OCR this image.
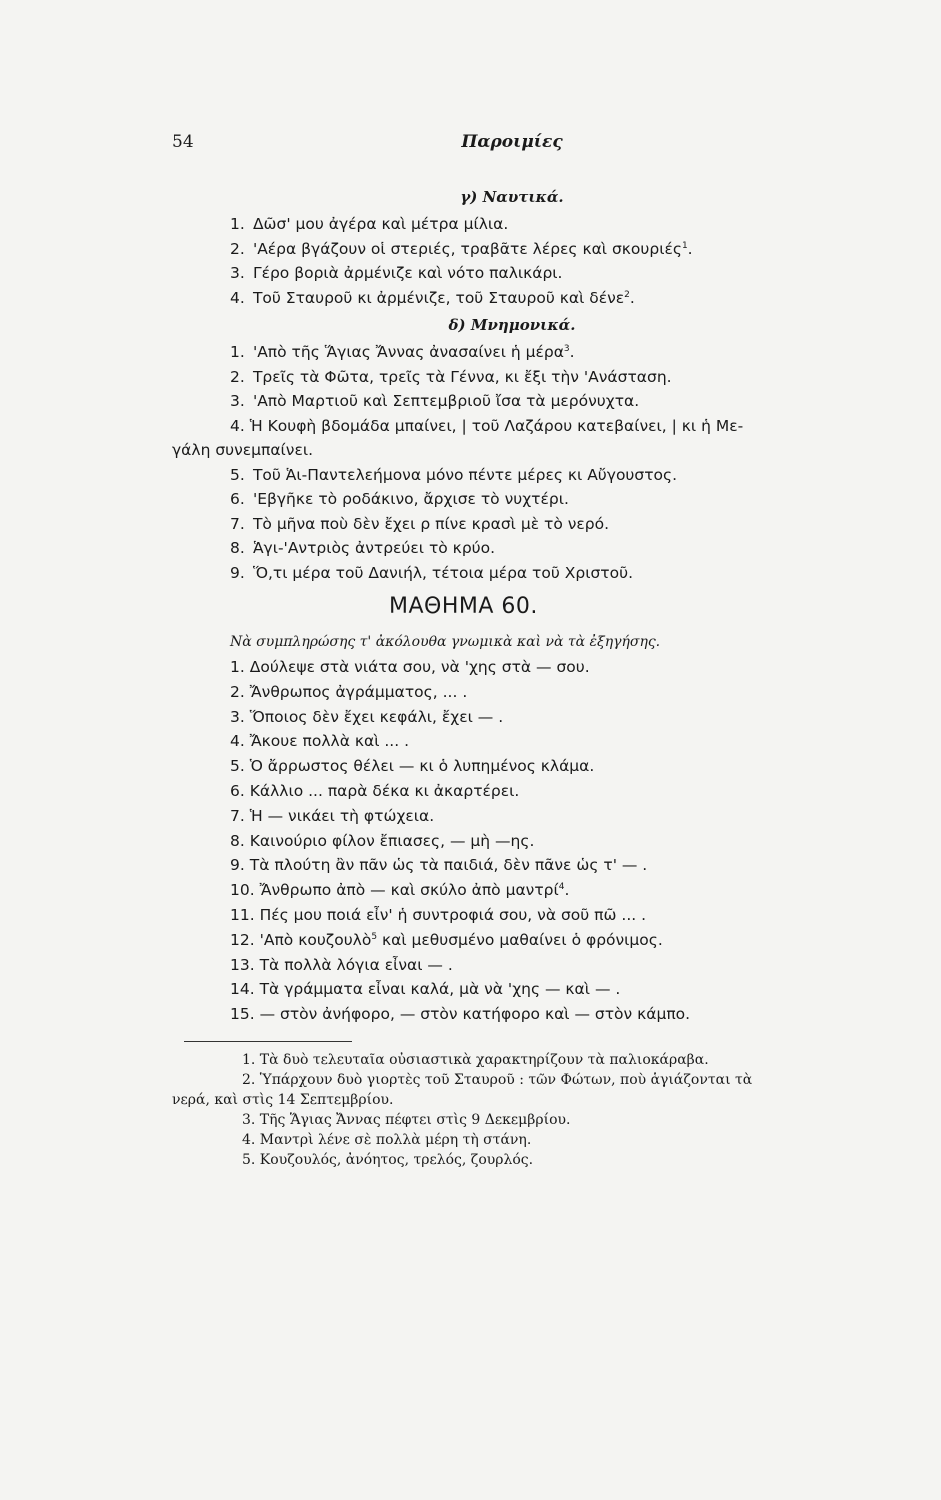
54	Παροιμίες
γ) Ναυτικά.
1. Δῶσ' μου ἀγέρα καὶ μέτρα μίλια.
2. 'Αέρα βγάζουν οἱ στεριές, τραβᾶτε λέρες καὶ σκουριές$^1$.
3. Γέρο βοριὰ ἀρμένιζε καὶ νότο παλικάρι.
4. Τοῦ Σταυροῦ κι ἀρμένιζε, τοῦ Σταυροῦ καὶ δένε$^2$.
δ) Μνημονικά.
1. 'Απὸ τῆς Ἅγιας Ἄννας ἀνασαίνει ἡ μέρα$^3$.
2. Τρεῖς τὰ Φῶτα, τρεῖς τὰ Γέννα, κι ἔξι τὴν 'Ανάσταση.
3. 'Απὸ Μαρτιοῦ καὶ Σεπτεμβριοῦ ἴσα τὰ μερόνυχτα.
4. Ἡ Κουφὴ βδομάδα μπαίνει, | τοῦ Λαζάρου κατεβαίνει, | κι ἡ Με-
γάλη συνεμπαίνει.
5. Τοῦ Ἁι-Παντελεήμονα μόνο πέντε μέρες κι Αὔγουστος.
6. 'Εβγῆκε τὸ ροδάκινο, ἄρχισε τὸ νυχτέρι.
7. Τὸ μῆνα ποὺ δὲν ἔχει ρ πίνε κρασὶ μὲ τὸ νερό.
8. Ἁγι-'Αντριὸς ἀντρεύει τὸ κρύο.
9. Ὅ,τι μέρα τοῦ Δανιήλ, τέτοια μέρα τοῦ Χριστοῦ.
ΜΑΘΗΜΑ 60.
Νὰ συμπληρώσης τ' ἀκόλουθα γνωμικὰ καὶ νὰ τὰ ἐξηγήσης.
1. Δούλεψε στὰ νιάτα σου, νὰ 'χης στὰ — σου.
2. Ἄνθρωπος ἀγράμματος, ... .
3. Ὅποιος δὲν ἔχει κεφάλι, ἔχει — .
4. Ἄκουε πολλὰ καὶ ... .
5. Ὁ ἄρρωστος θέλει — κι ὁ λυπημένος κλάμα.
6. Κάλλιο ... παρὰ δέκα κι ἀκαρτέρει.
7. Ἡ — νικάει τὴ φτώχεια.
8. Καινούριο φίλον ἔπιασες, — μὴ —ης.
9. Τὰ πλούτη ἂν πᾶν ὡς τὰ παιδιά, δὲν πᾶνε ὡς τ' — .
10. Ἄνθρωπο ἀπὸ — καὶ σκύλο ἀπὸ μαντρί$^4$.
11. Πές μου ποιά εἶν' ἡ συντροφιά σου, νὰ σοῦ πῶ ... .
12. 'Απὸ κουζουλὸ$^5$ καὶ μεθυσμένο μαθαίνει ὁ φρόνιμος.
13. Τὰ πολλὰ λόγια εἶναι — .
14. Τὰ γράμματα εἶναι καλά, μὰ νὰ 'χης — καὶ — .
15. — στὸν ἀνήφορο, — στὸν κατήφορο καὶ — στὸν κάμπο.
1. Τὰ δυὸ τελευταῖα οὐσιαστικὰ χαρακτηρίζουν τὰ παλιοκάραβα.
2. Ὑπάρχουν δυὸ γιορτὲς τοῦ Σταυροῦ : τῶν Φώτων, ποὺ ἁγιάζονται τὰ
νερά, καὶ στὶς 14 Σεπτεμβρίου.
3. Τῆς Ἅγιας Ἄννας πέφτει στὶς 9 Δεκεμβρίου.
4. Μαντρὶ λένε σὲ πολλὰ μέρη τὴ στάνη.
5. Κουζουλός, ἀνόητος, τρελός, ζουρλός.
